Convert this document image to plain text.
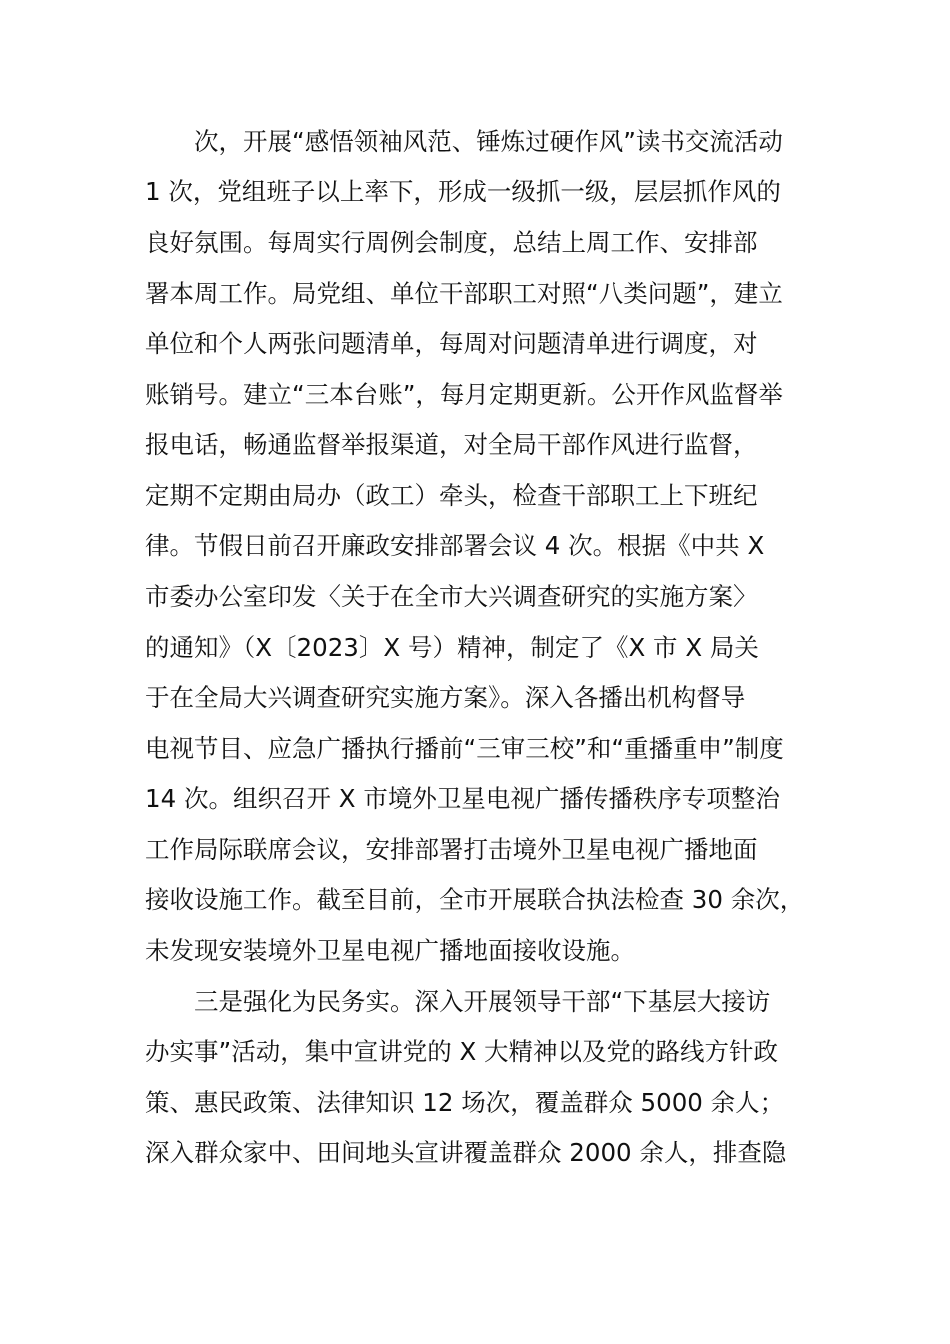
　　次，开展“感悟领袖风范、锤炼过硬作风”读书交流活动
1 次，党组班子以上率下，形成一级抓一级，层层抓作风的
良好氛围。每周实行周例会制度，总结上周工作、安排部
署本周工作。局党组、单位干部职工对照“八类问题”，建立
单位和个人两张问题清单，每周对问题清单进行调度，对
账销号。建立“三本台账”，每月定期更新。公开作风监督举
报电话，畅通监督举报渠道，对全局干部作风进行监督，
定期不定期由局办（政工）牵头，检查干部职工上下班纪
律。节假日前召开廉政安排部署会议 4 次。根据《中共 X
市委办公室印发〈关于在全市大兴调查研究的实施方案〉
的通知》（X〔2023〕X 号）精神，制定了《X 市 X 局关
于在全局大兴调查研究实施方案》。深入各播出机构督导
电视节目、应急广播执行播前“三审三校”和“重播重申”制度
14 次。组织召开 X 市境外卫星电视广播传播秩序专项整治
工作局际联席会议，安排部署打击境外卫星电视广播地面
接收设施工作。截至目前，全市开展联合执法检查 30 余次，
未发现安装境外卫星电视广播地面接收设施。
　　三是强化为民务实。深入开展领导干部“下基层大接访
办实事”活动，集中宣讲党的 X 大精神以及党的路线方针政
策、惠民政策、法律知识 12 场次，覆盖群众 5000 余人；
深入群众家中、田间地头宣讲覆盖群众 2000 余人，排查隐
